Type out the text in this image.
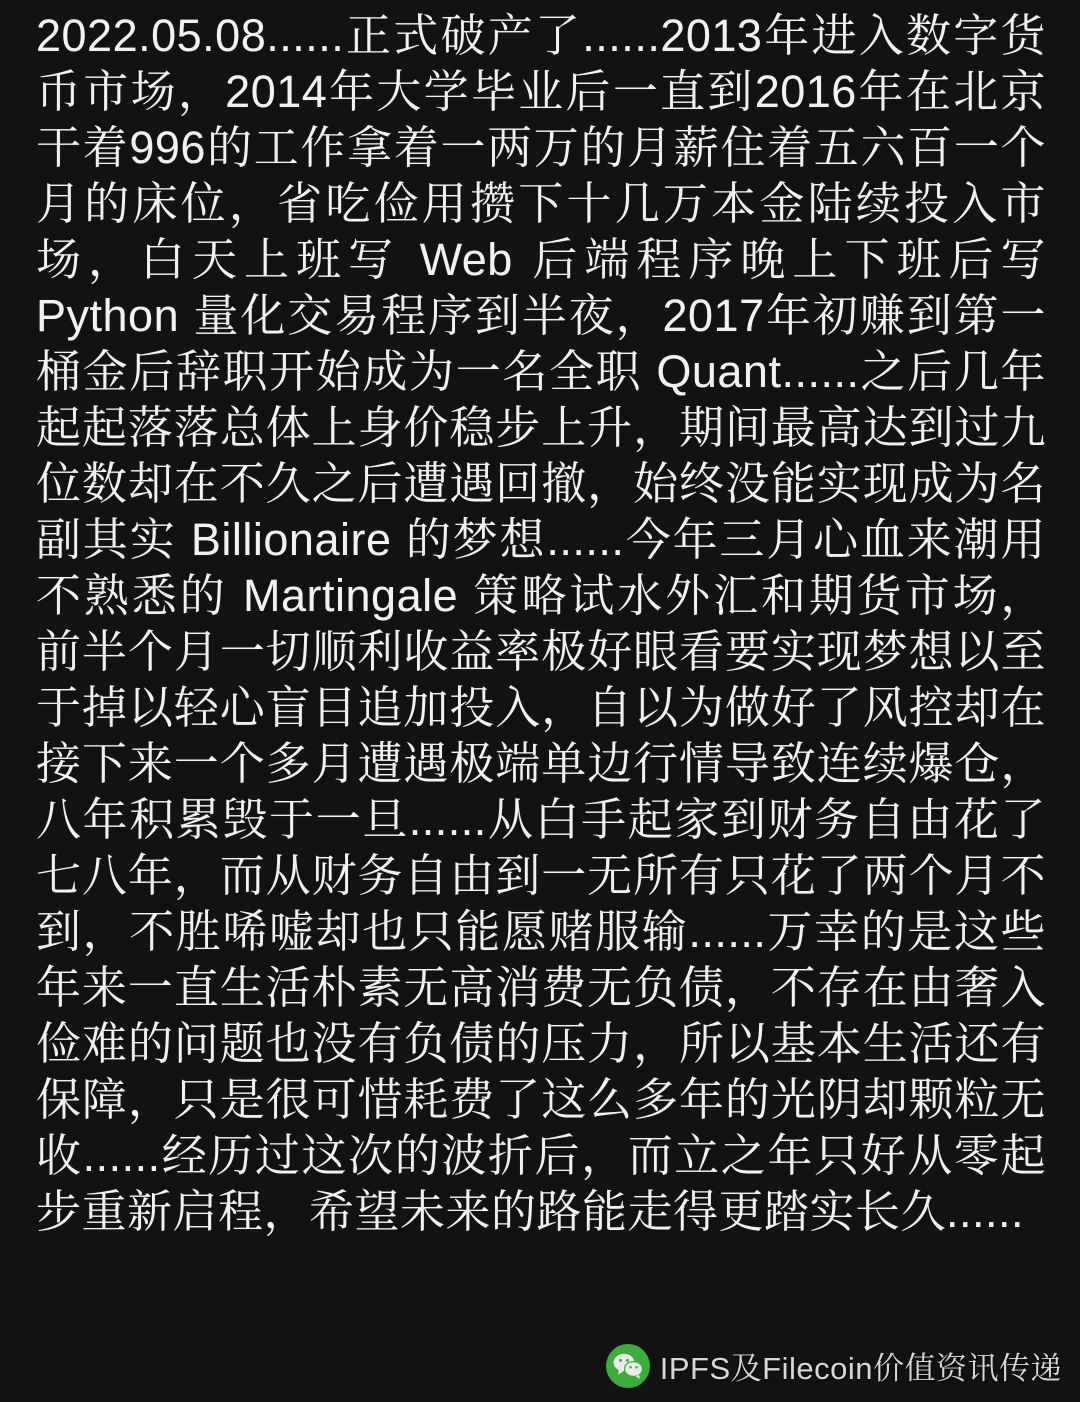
2022.05.08......正式破产了......2013年进入数字货币市场，2014年大学毕业后一直到2016年在北京干着996的工作拿着一两万的月薪住着五六百一个月的床位，省吃俭用攒下十几万本金陆续投入市场，白天上班写 Web 后端程序晚上下班后写 Python 量化交易程序到半夜，2017年初赚到第一桶金后辞职开始成为一名全职 Quant......之后几年起起落落总体上身价稳步上升，期间最高达到过九位数却在不久之后遭遇回撤，始终没能实现成为名副其实 Billionaire 的梦想......今年三月心血来潮用不熟悉的 Martingale 策略试水外汇和期货市场，前半个月一切顺利收益率极好眼看要实现梦想以至于掉以轻心盲目追加投入，自以为做好了风控却在接下来一个多月遭遇极端单边行情导致连续爆仓，八年积累毁于一旦......从白手起家到财务自由花了七八年，而从财务自由到一无所有只花了两个月不到，不胜唏嘘却也只能愿赌服输......万幸的是这些年来一直生活朴素无高消费无负债，不存在由奢入俭难的问题也没有负债的压力，所以基本生活还有保障，只是很可惜耗费了这么多年的光阴却颗粒无收......经历过这次的波折后，而立之年只好从零起步重新启程，希望未来的路能走得更踏实长久......
IPFS及Filecoin价值资讯传递
